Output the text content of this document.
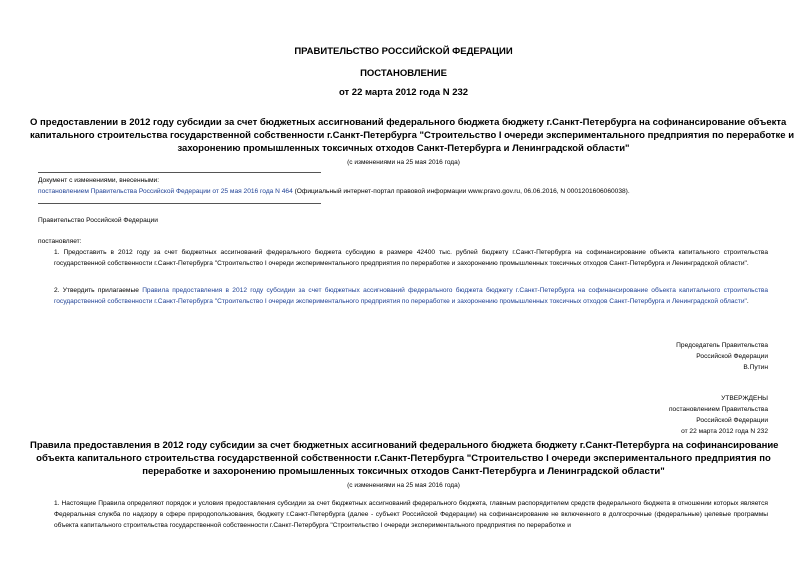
ПРАВИТЕЛЬСТВО РОССИЙСКОЙ ФЕДЕРАЦИИ
ПОСТАНОВЛЕНИЕ
от 22 марта 2012 года N 232
О предоставлении в 2012 году субсидии за счет бюджетных ассигнований федерального бюджета бюджету г.Санкт-Петербурга на софинансирование объекта
капитального строительства государственной собственности г.Санкт-Петербурга "Строительство I очереди экспериментального предприятия по переработке и
захоронению промышленных токсичных отходов Санкт-Петербурга и Ленинградской области"
(с изменениями на 25 мая 2016 года)
Документ с изменениями, внесенными:
постановлением Правительства Российской Федерации от 25 мая 2016 года N 464 (Официальный интернет-портал правовой информации www.pravo.gov.ru, 06.06.2016, N 0001201606060038).
Правительство Российской Федерации
постановляет:
1. Предоставить в 2012 году за счет бюджетных ассигнований федерального бюджета субсидию в размере 42400 тыс. рублей бюджету г.Санкт-Петербурга на софинансирование объекта капитального строительства государственной собственности г.Санкт-Петербурга "Строительство I очереди экспериментального предприятия по переработке и захоронению промышленных токсичных отходов Санкт-Петербурга и Ленинградской области".
2. Утвердить прилагаемые Правила предоставления в 2012 году субсидии за счет бюджетных ассигнований федерального бюджета бюджету г.Санкт-Петербурга на софинансирование объекта капитального строительства государственной собственности г.Санкт-Петербурга "Строительство I очереди экспериментального предприятия по переработке и захоронению промышленных токсичных отходов Санкт-Петербурга и Ленинградской области".
Председатель Правительства
Российской Федерации
В.Путин
УТВЕРЖДЕНЫ
постановлением Правительства
Российской Федерации
от 22 марта 2012 года N 232
Правила предоставления в 2012 году субсидии за счет бюджетных ассигнований федерального бюджета бюджету г.Санкт-Петербурга на софинансирование
объекта капитального строительства государственной собственности г.Санкт-Петербурга "Строительство I очереди экспериментального предприятия по
переработке и захоронению промышленных токсичных отходов Санкт-Петербурга и Ленинградской области"
(с изменениями на 25 мая 2016 года)
1. Настоящие Правила определяют порядок и условия предоставления субсидии за счет бюджетных ассигнований федерального бюджета, главным распорядителем средств федерального бюджета в отношении которых является Федеральная служба по надзору в сфере природопользования, бюджету г.Санкт-Петербурга (далее - субъект Российской Федерации) на софинансирование не включенного в долгосрочные (федеральные) целевые программы объекта капитального строительства государственной собственности г.Санкт-Петербурга "Строительство I очереди экспериментального предприятия по переработке и
